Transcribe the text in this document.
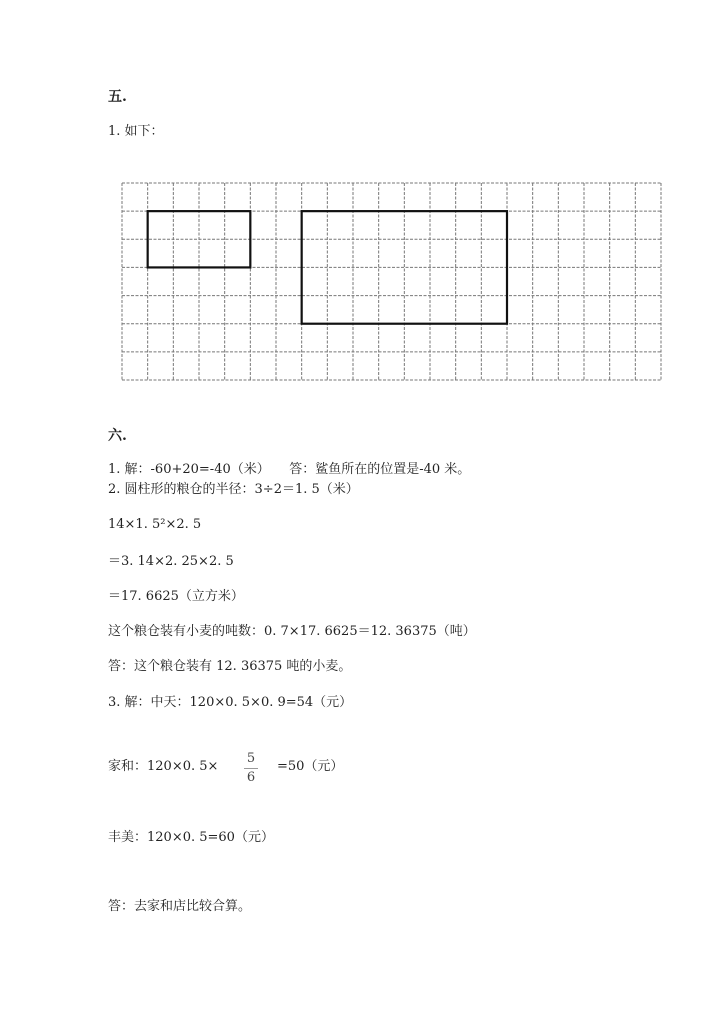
五.
1. 如下：
六.
1. 解：-60+20=-40（米）　　答：鲨鱼所在的位置是-40 米。
2. 圆柱形的粮仓的半径：3÷2＝1. 5（米）
14×1. 5²×2. 5
＝3. 14×2. 25×2. 5
＝17. 6625（立方米）
这个粮仓装有小麦的吨数：0. 7×17. 6625＝12. 36375（吨）
答：这个粮仓装有 12. 36375 吨的小麦。
3. 解：中天：120×0. 5×0. 9=54（元）
家和：120×0. $5\times \frac{5}{6} =50$（元）
丰美：120×0. 5=60（元）
答：去家和店比较合算。
